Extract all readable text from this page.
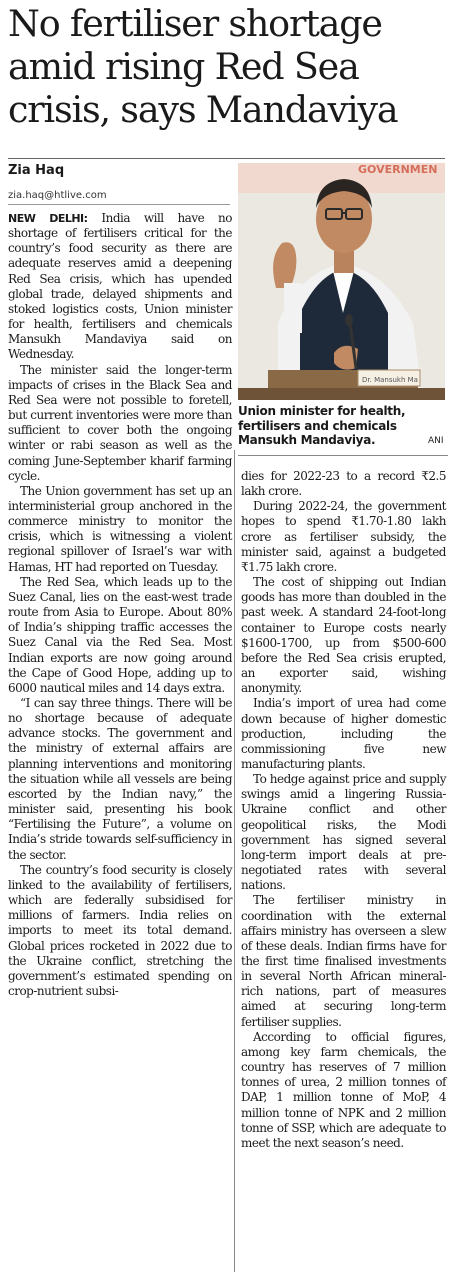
No fertiliser shortage
amid rising Red Sea
crisis, says Mandaviya
Zia Haq
zia.haq@htlive.com
GOVERNMEN
Dr. Mansukh Ma
Union minister for health, fertilisers and chemicals Mansukh Mandaviya.	ANI

NEW DELHI: India will have no shortage of fertilisers critical for the country’s food security as there are adequate reserves amid a deepening Red Sea crisis, which has upended global trade, delayed shipments and stoked logistics costs, Union minister for health, fertilisers and chemicals Mansukh Mandaviya said on Wednesday.

The minister said the longer-term impacts of crises in the Black Sea and Red Sea were not possible to foretell, but current inventories were more than sufficient to cover both the ongoing winter or rabi season as well as the coming June-September kharif farming cycle.

The Union government has set up an interministerial group anchored in the commerce ministry to monitor the crisis, which is witnessing a violent regional spillover of Israel’s war with Hamas, HT had reported on Tuesday.

The Red Sea, which leads up to the Suez Canal, lies on the east-west trade route from Asia to Europe. About 80% of India’s shipping traffic accesses the Suez Canal via the Red Sea. Most Indian exports are now going around the Cape of Good Hope, adding up to 6000 nautical miles and 14 days extra.

“I can say three things. There will be no shortage because of adequate advance stocks. The government and the ministry of external affairs are planning interventions and monitoring the situation while all vessels are being escorted by the Indian navy,” the minister said, presenting his book “Fertilising the Future”, a volume on India’s stride towards self-sufficiency in the sector.

The country’s food security is closely linked to the availability of fertilisers, which are federally subsidised for millions of farmers. India relies on imports to meet its total demand. Global prices rocketed in 2022 due to the Ukraine conflict, stretching the government’s estimated spending on crop-nutrient subsi-

dies for 2022-23 to a record ₹2.5 lakh crore.

During 2022-24, the government hopes to spend ₹1.70-1.80 lakh crore as fertiliser subsidy, the minister said, against a budgeted ₹1.75 lakh crore.

The cost of shipping out Indian goods has more than doubled in the past week. A standard 24-foot-long container to Europe costs nearly $1600-1700, up from $500-600 before the Red Sea crisis erupted, an exporter said, wishing anonymity.

India’s import of urea had come down because of higher domestic production, including the commissioning five new manufacturing plants.

To hedge against price and supply swings amid a lingering Russia-Ukraine conflict and other geopolitical risks, the Modi government has signed several long-term import deals at pre-negotiated rates with several nations.

The fertiliser ministry in coordination with the external affairs ministry has overseen a slew of these deals. Indian firms have for the first time finalised investments in several North African mineral-rich nations, part of measures aimed at securing long-term fertiliser supplies.

According to official figures, among key farm chemicals, the country has reserves of 7 million tonnes of urea, 2 million tonnes of DAP, 1 million tonne of MoP, 4 million tonne of NPK and 2 million tonne of SSP, which are adequate to meet the next season’s need.
